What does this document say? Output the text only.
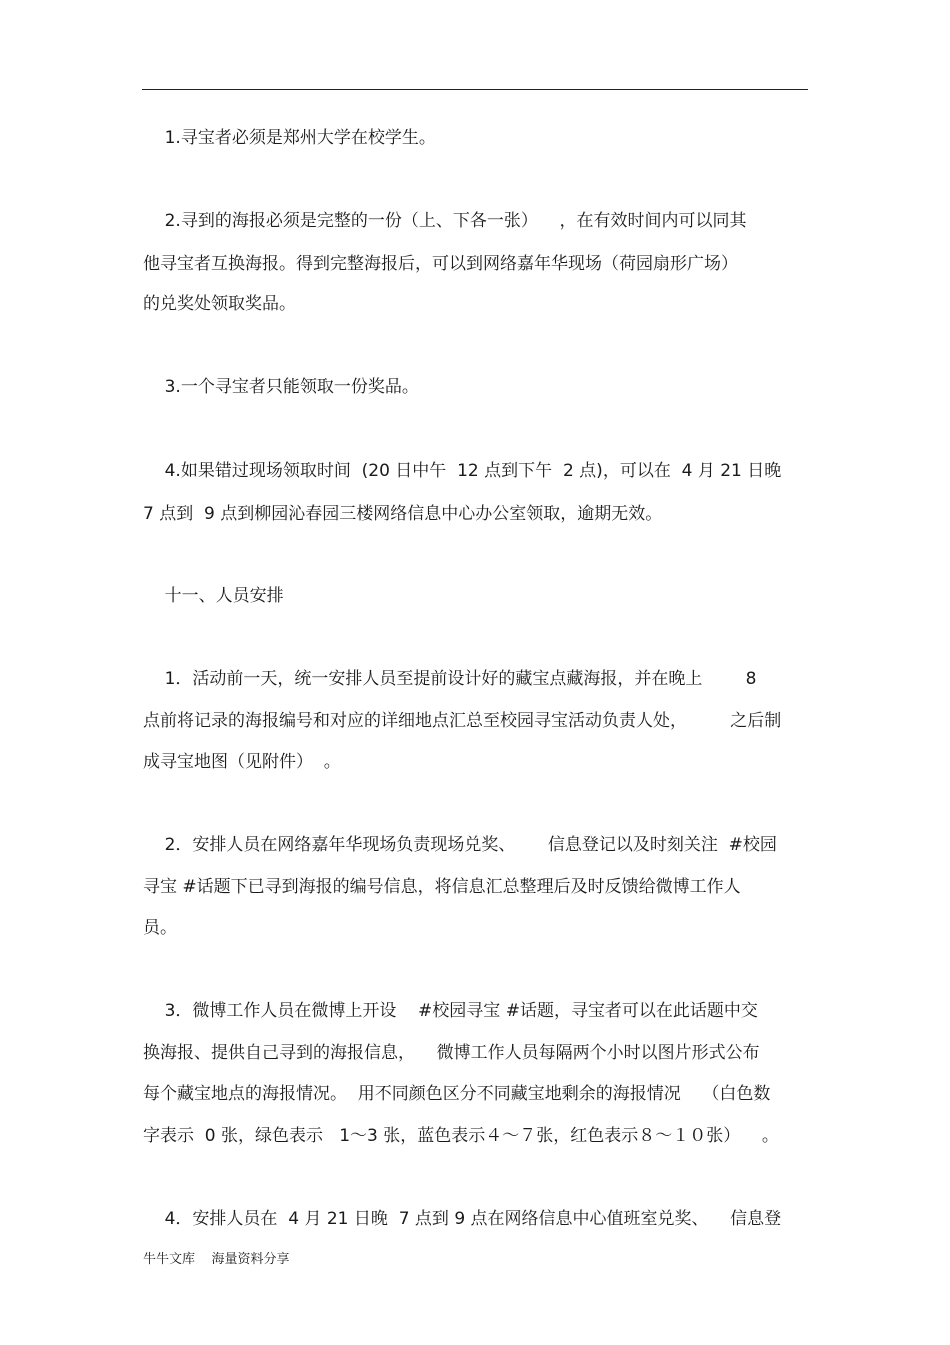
1.寻宝者必须是郑州大学在校学生。
2.寻到的海报必须是完整的一份（上、下各一张）    ，在有效时间内可以同其
他寻宝者互换海报。得到完整海报后，可以到网络嘉年华现场（荷园扇形广场）
的兑奖处领取奖品。
3.一个寻宝者只能领取一份奖品。
4.如果错过现场领取时间  (20 日中午  12 点到下午  2 点)，可以在  4 月 21 日晚
7 点到  9 点到柳园沁春园三楼网络信息中心办公室领取，逾期无效。
十一、人员安排
1．活动前一天，统一安排人员至提前设计好的藏宝点藏海报，并在晚上        8
点前将记录的海报编号和对应的详细地点汇总至校园寻宝活动负责人处，        之后制
成寻宝地图（见附件）  。
2．安排人员在网络嘉年华现场负责现场兑奖、      信息登记以及时刻关注  #校园
寻宝 #话题下已寻到海报的编号信息，将信息汇总整理后及时反馈给微博工作人
员。
3．微博工作人员在微博上开设    #校园寻宝 #话题，寻宝者可以在此话题中交
换海报、提供自己寻到的海报信息，    微博工作人员每隔两个小时以图片形式公布
每个藏宝地点的海报情况。  用不同颜色区分不同藏宝地剩余的海报情况    （白色数
字表示  0 张，绿色表示   1～3 张，蓝色表示４～７张，红色表示８～１０张）    。
4．安排人员在  4 月 21 日晚  7 点到 9 点在网络信息中心值班室兑奖、    信息登
牛牛文库    海量资料分享
